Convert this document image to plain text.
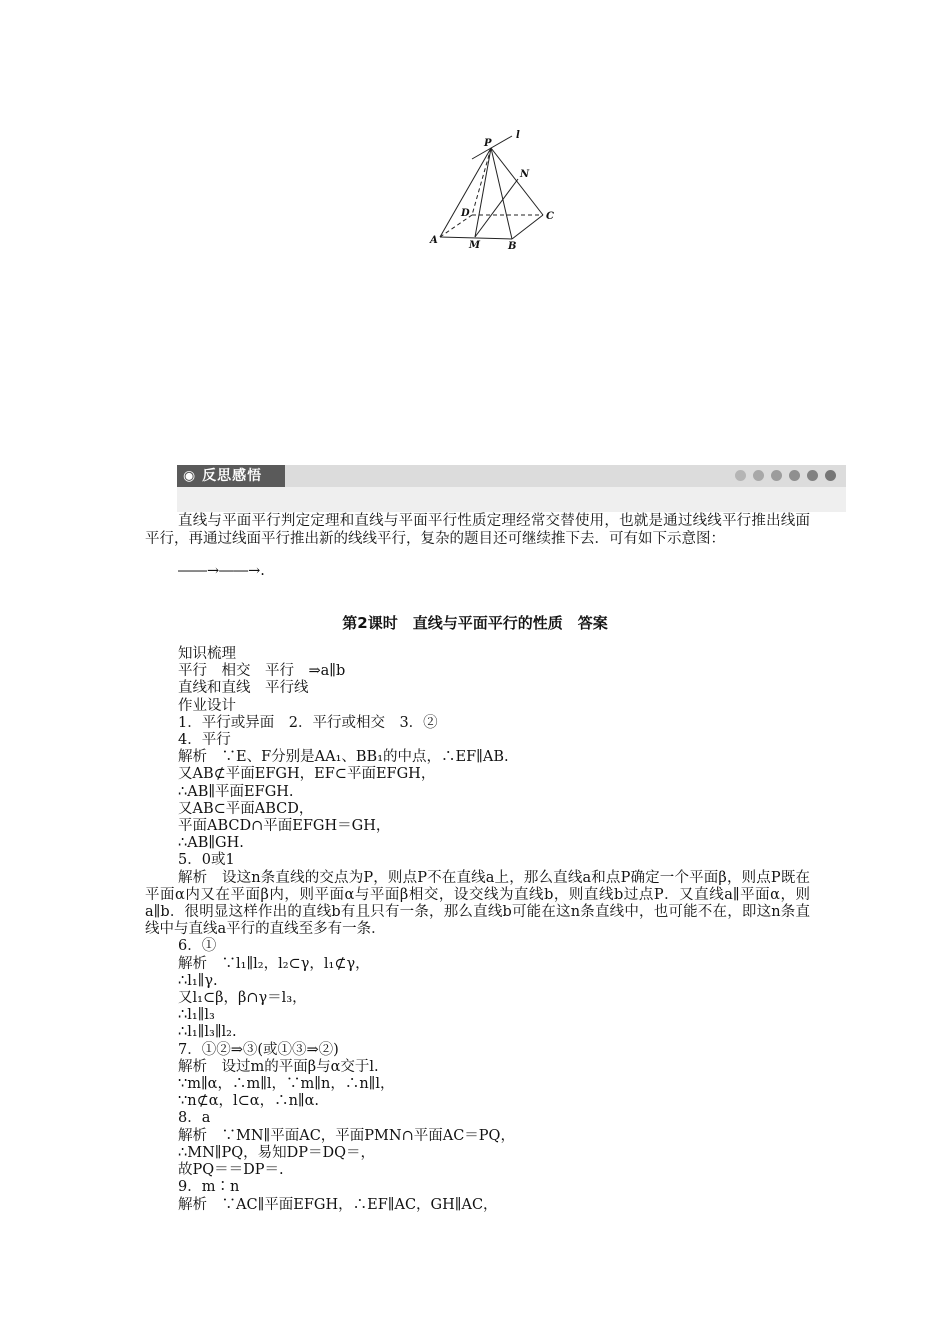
P
l
N
D	C
A	M	B
◉ 反思感悟

直线与平面平行判定定理和直线与平面平行性质定理经常交替使用，也就是通过线线平行推出线面平行，再通过线面平行推出新的线线平行，复杂的题目还可继续推下去．可有如下示意图：

――→――→.
第2课时　直线与平面平行的性质　答案
知识梳理
平行　相交　平行　⇒a∥b
直线和直线　平行线
作业设计
1．平行或异面　2．平行或相交　3．②
4．平行
解析　∵E、F分别是AA₁、BB₁的中点，∴EF∥AB.
又AB⊄平面EFGH，EF⊂平面EFGH，
∴AB∥平面EFGH.
又AB⊂平面ABCD，
平面ABCD∩平面EFGH＝GH，
∴AB∥GH.
5．0或1
解析　设这n条直线的交点为P，则点P不在直线a上，那么直线a和点P确定一个平面β，则点P既在平面α内又在平面β内，则平面α与平面β相交，设交线为直线b，则直线b过点P．又直线a∥平面α，则a∥b．很明显这样作出的直线b有且只有一条，那么直线b可能在这n条直线中，也可能不在，即这n条直线中与直线a平行的直线至多有一条．
6．①
解析　∵l₁∥l₂，l₂⊂γ，l₁⊄γ，
∴l₁∥γ.
又l₁⊂β，β∩γ＝l₃，
∴l₁∥l₃
∴l₁∥l₃∥l₂.
7．①②⇒③(或①③⇒②)
解析　设过m的平面β与α交于l.
∵m∥α，∴m∥l，∵m∥n，∴n∥l，
∵n⊄α，l⊂α，∴n∥α.
8．a
解析　∵MN∥平面AC，平面PMN∩平面AC＝PQ，
∴MN∥PQ，易知DP＝DQ＝，
故PQ＝＝DP＝.
9．m∶n
解析　∵AC∥平面EFGH，∴EF∥AC，GH∥AC，
